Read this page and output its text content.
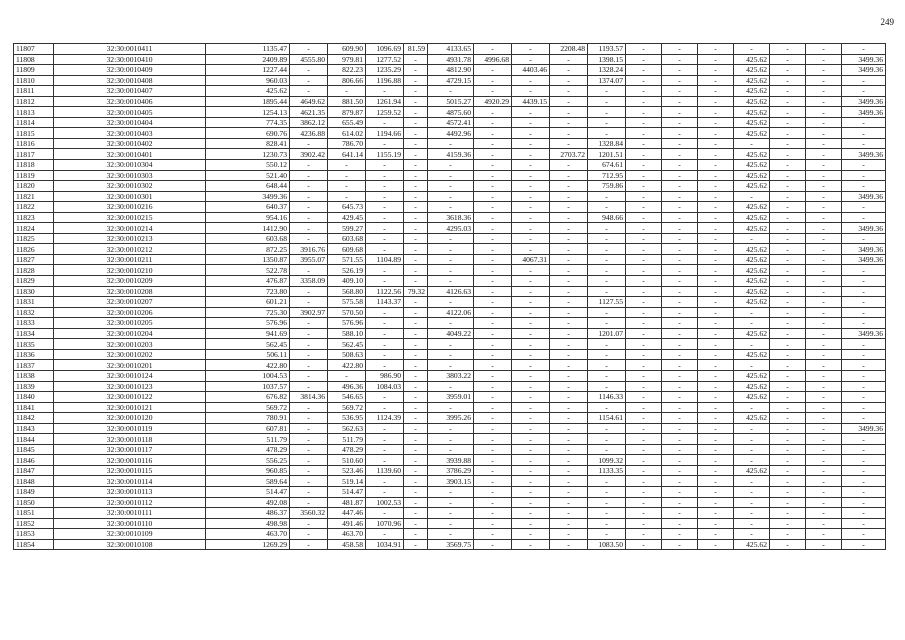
249
11807	32:30:0010411	1135.47	-	609.90	1096.69	81.59	4133.65	-	-	2208.48	1193.57	-	-	-	-	-	-	-
11808	32:30:0010410	2409.89	4555.80	979.81	1277.52	-	4931.78	4996.68	-	-	1398.15	-	-	-	425.62	-	-	3499.36
11809	32:30:0010409	1227.44	-	822.23	1235.29	-	4812.90	-	4403.46	-	1328.24	-	-	-	425.62	-	-	3499.36
11810	32:30:0010408	960.03	-	806.66	1196.88	-	4729.15	-	-	-	1374.07	-	-	-	425.62	-	-	-
11811	32:30:0010407	425.62	-	-	-	-	-	-	-	-	-	-	-	-	425.62	-	-	-
11812	32:30:0010406	1895.44	4649.62	881.50	1261.94	-	5015.27	4920.29	4439.15	-	-	-	-	-	425.62	-	-	3499.36
11813	32:30:0010405	1254.13	4621.35	879.87	1259.52	-	4875.60	-	-	-	-	-	-	-	425.62	-	-	3499.36
11814	32:30:0010404	774.35	3862.12	655.49	-	-	4572.41	-	-	-	-	-	-	-	425.62	-	-	-
11815	32:30:0010403	690.76	4236.88	614.02	1194.66	-	4492.96	-	-	-	-	-	-	-	425.62	-	-	-
11816	32:30:0010402	828.41	-	786.70	-	-	-	-	-	-	1328.84	-	-	-	-	-	-	-
11817	32:30:0010401	1230.73	3902.42	641.14	1155.19	-	4159.36	-	-	2703.72	1201.51	-	-	-	425.62	-	-	3499.36
11818	32:30:0010304	550.12	-	-	-	-	-	-	-	-	674.61	-	-	-	425.62	-	-	-
11819	32:30:0010303	521.40	-	-	-	-	-	-	-	-	712.95	-	-	-	425.62	-	-	-
11820	32:30:0010302	648.44	-	-	-	-	-	-	-	-	759.86	-	-	-	425.62	-	-	-
11821	32:30:0010301	3499.36	-	-	-	-	-	-	-	-	-	-	-	-	-	-	-	3499.36
11822	32:30:0010216	640.37	-	645.73	-	-	-	-	-	-	-	-	-	-	425.62	-	-	-
11823	32:30:0010215	954.16	-	429.45	-	-	3618.36	-	-	-	948.66	-	-	-	425.62	-	-	-
11824	32:30:0010214	1412.90	-	599.27	-	-	4295.03	-	-	-	-	-	-	-	425.62	-	-	3499.36
11825	32:30:0010213	603.68	-	603.68	-	-	-	-	-	-	-	-	-	-	-	-	-	-
11826	32:30:0010212	872.25	3916.76	609.68	-	-	-	-	-	-	-	-	-	-	425.62	-	-	3499.36
11827	32:30:0010211	1350.87	3955.07	571.55	1104.89	-	-	-	4067.31	-	-	-	-	-	425.62	-	-	3499.36
11828	32:30:0010210	522.78	-	526.19	-	-	-	-	-	-	-	-	-	-	425.62	-	-	-
11829	32:30:0010209	476.87	3358.09	409.10	-	-	-	-	-	-	-	-	-	-	425.62	-	-	-
11830	32:30:0010208	723.80	-	568.80	1122.56	79.32	4126.63	-	-	-	-	-	-	-	425.62	-	-	-
11831	32:30:0010207	601.21	-	575.58	1143.37	-	-	-	-	-	1127.55	-	-	-	425.62	-	-	-
11832	32:30:0010206	725.30	3902.97	570.50	-	-	4122.06	-	-	-	-	-	-	-	-	-	-	-
11833	32:30:0010205	576.96	-	576.96	-	-	-	-	-	-	-	-	-	-	-	-	-	-
11834	32:30:0010204	941.69	-	588.10	-	-	4049.22	-	-	-	1201.07	-	-	-	425.62	-	-	3499.36
11835	32:30:0010203	562.45	-	562.45	-	-	-	-	-	-	-	-	-	-	-	-	-	-
11836	32:30:0010202	506.11	-	508.63	-	-	-	-	-	-	-	-	-	-	425.62	-	-	-
11837	32:30:0010201	422.80	-	422.80	-	-	-	-	-	-	-	-	-	-	-	-	-	-
11838	32:30:0010124	1004.53	-	-	986.90	-	3803.22	-	-	-	-	-	-	-	425.62	-	-	-
11839	32:30:0010123	1037.57	-	496.36	1084.03	-	-	-	-	-	-	-	-	-	425.62	-	-	-
11840	32:30:0010122	676.82	3814.36	546.65	-	-	3959.01	-	-	-	1146.33	-	-	-	425.62	-	-	-
11841	32:30:0010121	569.72	-	569.72	-	-	-	-	-	-	-	-	-	-	-	-	-	-
11842	32:30:0010120	780.91	-	536.95	1124.39	-	3995.26	-	-	-	1154.61	-	-	-	425.62	-	-	-
11843	32:30:0010119	607.81	-	562.63	-	-	-	-	-	-	-	-	-	-	-	-	-	3499.36
11844	32:30:0010118	511.79	-	511.79	-	-	-	-	-	-	-	-	-	-	-	-	-	-
11845	32:30:0010117	478.29	-	478.29	-	-	-	-	-	-	-	-	-	-	-	-	-	-
11846	32:30:0010116	556.25	-	510.60	-	-	3939.88	-	-	-	1099.32	-	-	-	-	-	-	-
11847	32:30:0010115	960.85	-	523.46	1139.60	-	3786.29	-	-	-	1133.35	-	-	-	425.62	-	-	-
11848	32:30:0010114	589.64	-	519.14	-	-	3903.15	-	-	-	-	-	-	-	-	-	-	-
11849	32:30:0010113	514.47	-	514.47	-	-	-	-	-	-	-	-	-	-	-	-	-	-
11850	32:30:0010112	492.08	-	481.87	1002.53	-	-	-	-	-	-	-	-	-	-	-	-	-
11851	32:30:0010111	486.37	3560.32	447.46	-	-	-	-	-	-	-	-	-	-	-	-	-	-
11852	32:30:0010110	498.98	-	491.46	1070.96	-	-	-	-	-	-	-	-	-	-	-	-	-
11853	32:30:0010109	463.70	-	463.70	-	-	-	-	-	-	-	-	-	-	-	-	-	-
11854	32:30:0010108	1269.29	-	458.58	1034.91	-	3569.75	-	-	-	1083.50	-	-	-	425.62	-	-	-
